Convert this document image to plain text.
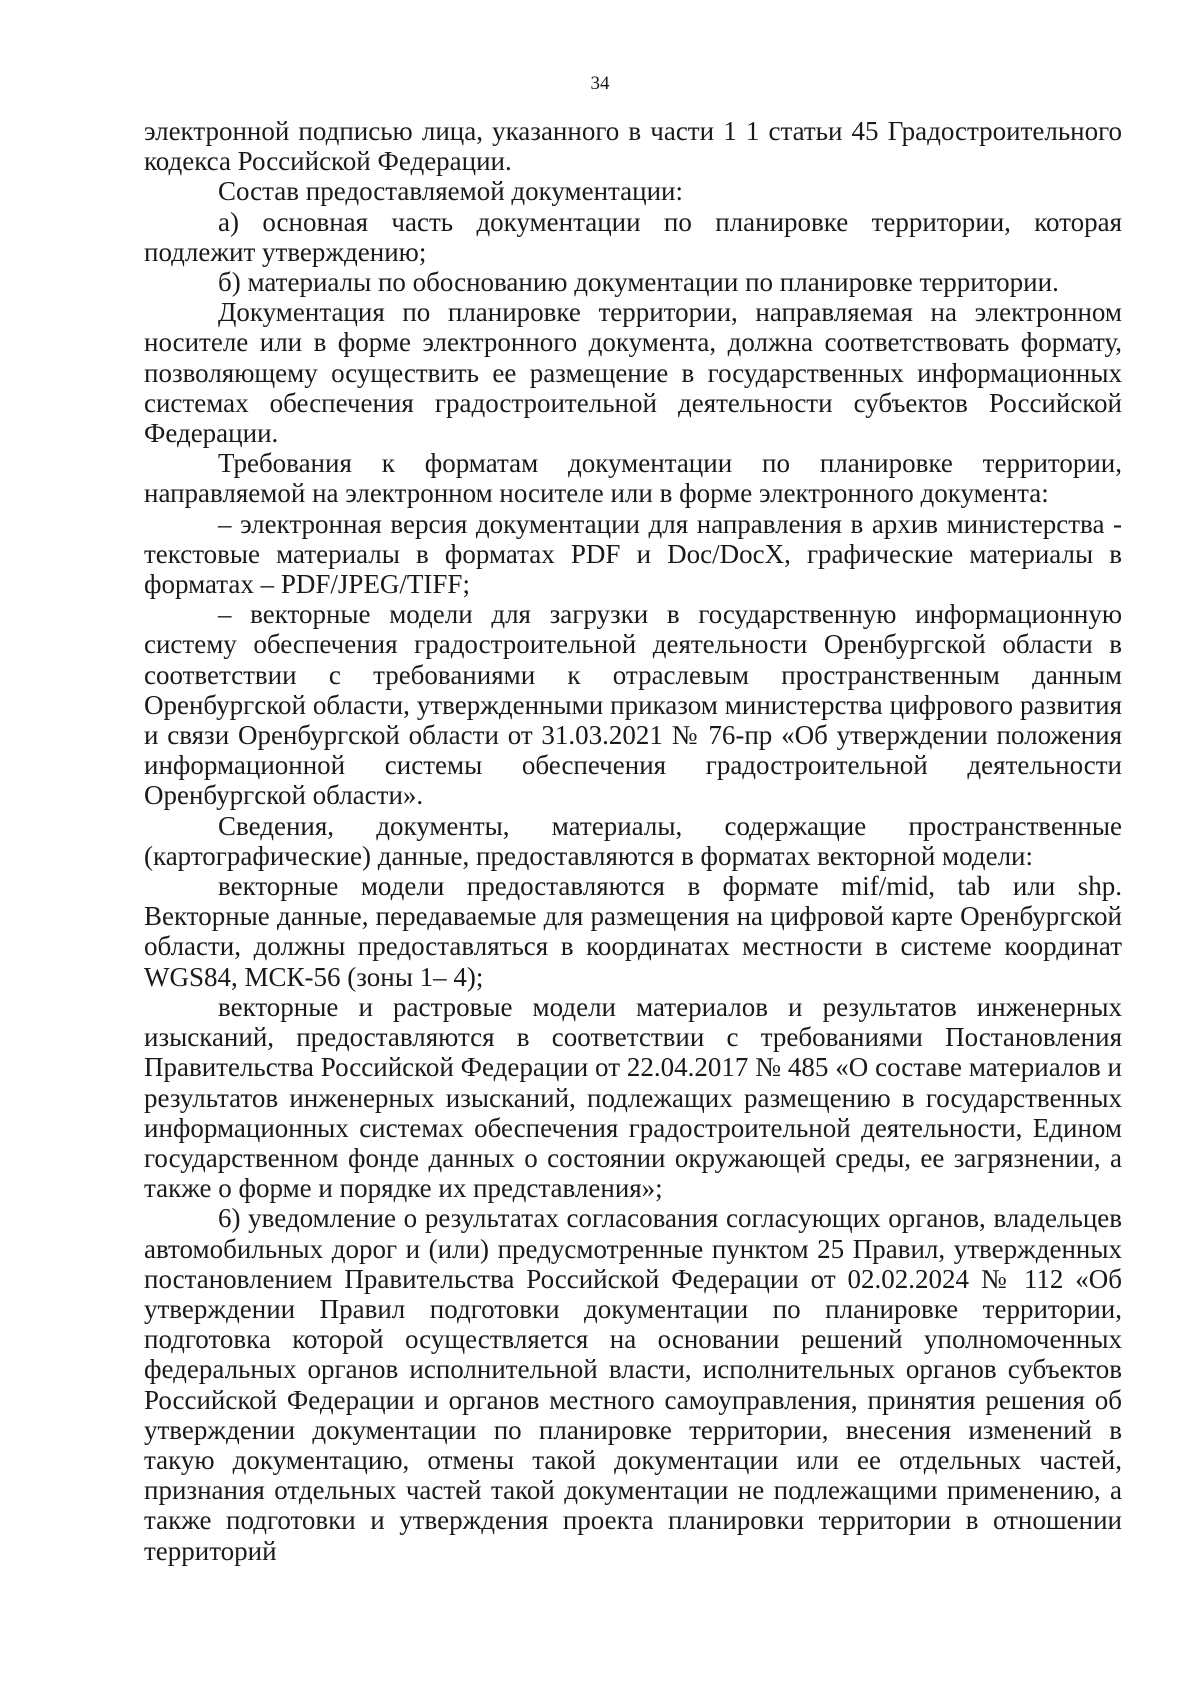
34

электронной подписью лица, указанного в части 1 1 статьи 45 Градостроительного кодекса Российской Федерации.

Состав предоставляемой документации:

а) основная часть документации по планировке территории, которая подлежит утверждению;

б) материалы по обоснованию документации по планировке территории.

Документация по планировке территории, направляемая на электронном носителе или в форме электронного документа, должна соответствовать формату, позволяющему осуществить ее размещение в государственных информационных системах обеспечения градостроительной деятельности субъектов Российской Федерации.

Требования к форматам документации по планировке территории, направляемой на электронном носителе или в форме электронного документа:

– электронная версия документации для направления в архив министерства - текстовые материалы в форматах PDF и Doc/DocX, графические материалы в форматах – PDF/JPEG/TIFF;

– векторные модели для загрузки в государственную информационную систему обеспечения градостроительной деятельности Оренбургской области в соответствии с требованиями к отраслевым пространственным данным Оренбургской области, утвержденными приказом министерства цифрового развития и связи Оренбургской области от 31.03.2021 № 76-пр «Об утверждении положения информационной системы обеспечения градостроительной деятельности Оренбургской области».

Сведения, документы, материалы, содержащие пространственные (картографические) данные, предоставляются в форматах векторной модели:

векторные модели предоставляются в формате mif/mid, tab или shp. Векторные данные, передаваемые для размещения на цифровой карте Оренбургской области, должны предоставляться в координатах местности в системе координат WGS84, МСК-56 (зоны 1– 4);

векторные и растровые модели материалов и результатов инженерных изысканий, предоставляются в соответствии с требованиями Постановления Правительства Российской Федерации от 22.04.2017 № 485 «О составе материалов и результатов инженерных изысканий, подлежащих размещению в государственных информационных системах обеспечения градостроительной деятельности, Едином государственном фонде данных о состоянии окружающей среды, ее загрязнении, а также о форме и порядке их представления»;

6) уведомление о результатах согласования согласующих органов, владельцев автомобильных дорог и (или) предусмотренные пунктом 25 Правил, утвержденных постановлением Правительства Российской Федерации от 02.02.2024 № 112 «Об утверждении Правил подготовки документации по планировке территории, подготовка которой осуществляется на основании решений уполномоченных федеральных органов исполнительной власти, исполнительных органов субъектов Российской Федерации и органов местного самоуправления, принятия решения об утверждении документации по планировке территории, внесения изменений в такую документацию, отмены такой документации или ее отдельных частей, признания отдельных частей такой документации не подлежащими применению, а также подготовки и утверждения проекта планировки территории в отношении территорий
